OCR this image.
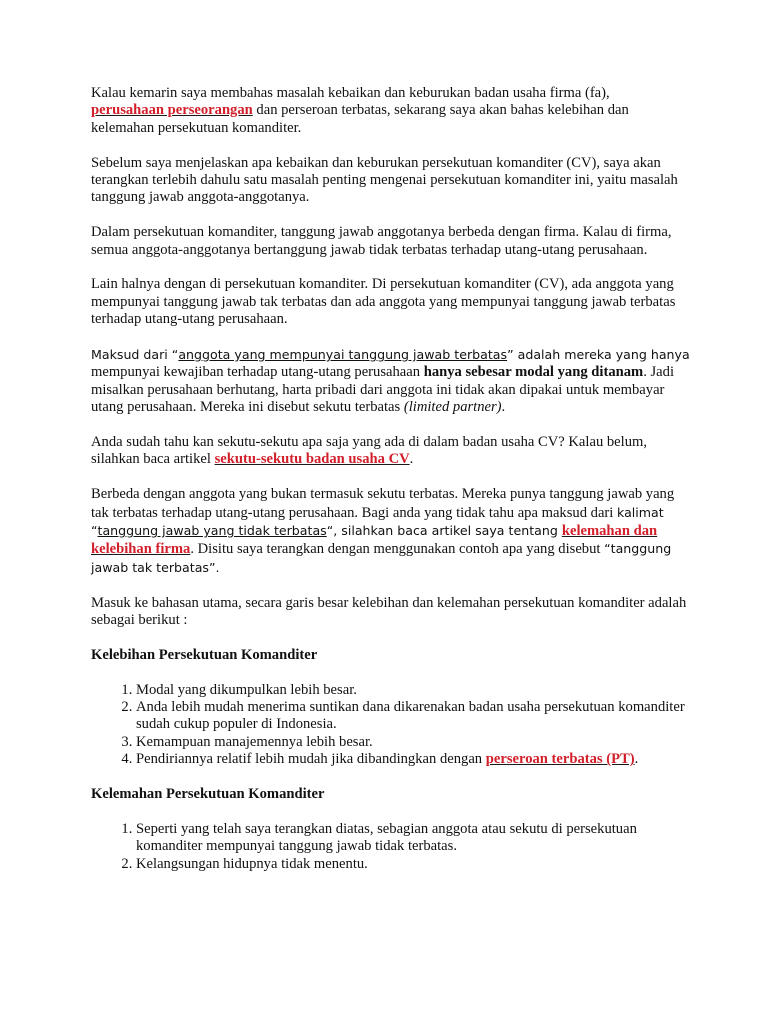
Kalau kemarin saya membahas masalah kebaikan dan keburukan badan usaha firma (fa),
perusahaan perseorangan dan perseroan terbatas, sekarang saya akan bahas kelebihan dan kelemahan persekutuan komanditer.

Sebelum saya menjelaskan apa kebaikan dan keburukan persekutuan komanditer (CV), saya akan terangkan terlebih dahulu satu masalah penting mengenai persekutuan komanditer ini, yaitu masalah tanggung jawab anggota-anggotanya.

Dalam persekutuan komanditer, tanggung jawab anggotanya berbeda dengan firma. Kalau di firma, semua anggota-anggotanya bertanggung jawab tidak terbatas terhadap utang-utang perusahaan.

Lain halnya dengan di persekutuan komanditer. Di persekutuan komanditer (CV), ada anggota yang mempunyai tanggung jawab tak terbatas dan ada anggota yang mempunyai tanggung jawab terbatas terhadap utang-utang perusahaan.

Maksud dari “anggota yang mempunyai tanggung jawab terbatas” adalah mereka yang hanya mempunyai kewajiban terhadap utang-utang perusahaan hanya sebesar modal yang ditanam. Jadi misalkan perusahaan berhutang, harta pribadi dari anggota ini tidak akan dipakai untuk membayar utang perusahaan. Mereka ini disebut sekutu terbatas (limited partner).

Anda sudah tahu kan sekutu-sekutu apa saja yang ada di dalam badan usaha CV? Kalau belum, silahkan baca artikel sekutu-sekutu badan usaha CV.

Berbeda dengan anggota yang bukan termasuk sekutu terbatas. Mereka punya tanggung jawab yang tak terbatas terhadap utang-utang perusahaan. Bagi anda yang tidak tahu apa maksud dari kalimat “tanggung jawab yang tidak terbatas“, silahkan baca artikel saya tentang kelemahan dan kelebihan firma. Disitu saya terangkan dengan menggunakan contoh apa yang disebut “tanggung jawab tak terbatas”.

Masuk ke bahasan utama, secara garis besar kelebihan dan kelemahan persekutuan komanditer adalah sebagai berikut :

Kelebihan Persekutuan Komanditer
1. Modal yang dikumpulkan lebih besar.
2. Anda lebih mudah menerima suntikan dana dikarenakan badan usaha persekutuan komanditer sudah cukup populer di Indonesia.
3. Kemampuan manajemennya lebih besar.
4. Pendiriannya relatif lebih mudah jika dibandingkan dengan perseroan terbatas (PT).
Kelemahan Persekutuan Komanditer
1. Seperti yang telah saya terangkan diatas, sebagian anggota atau sekutu di persekutuan komanditer mempunyai tanggung jawab tidak terbatas.
2. Kelangsungan hidupnya tidak menentu.
